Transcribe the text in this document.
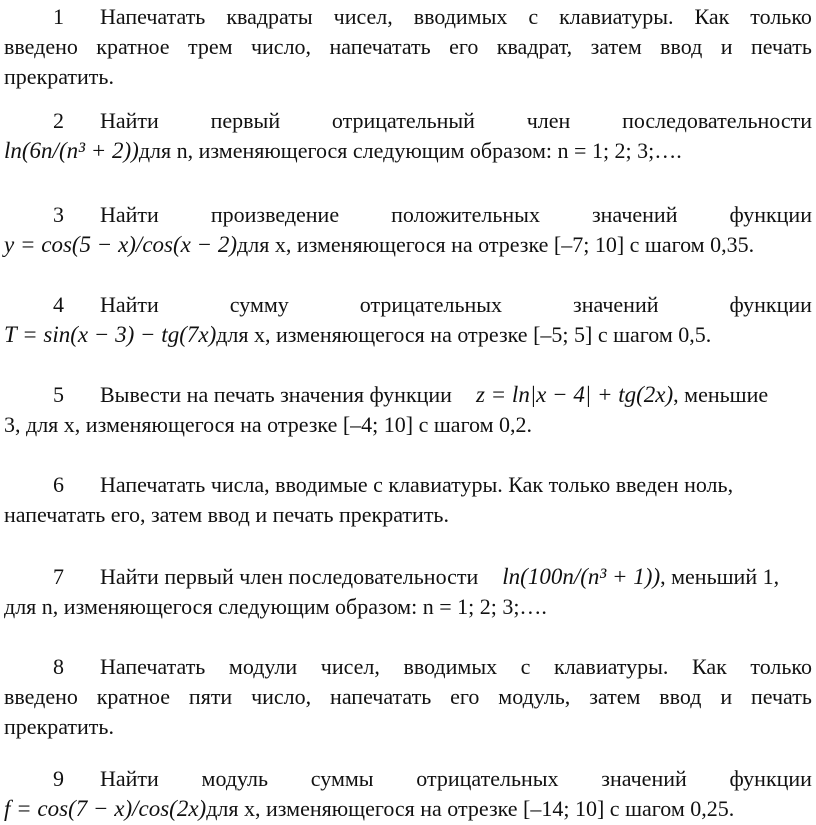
1 Напечатать квадраты чисел, вводимых с клавиатуры. Как только
введено кратное трем число, напечатать его квадрат, затем ввод и печать
прекратить.
2 Найти первый отрицательный член последовательности
ln(6n/(n³ + 2)) для n, изменяющегося следующим образом: n = 1; 2; 3;….
3 Найти произведение положительных значений функции
y = cos(5 − x)/cos(x − 2) для x, изменяющегося на отрезке [–7; 10] с шагом 0,35.
4 Найти	сумму	отрицательных	значений	функции
T = sin(x − 3) − tg(7x) для x, изменяющегося на отрезке [–5; 5] с шагом 0,5.
5	Вывести на печать значения функции z = ln|x − 4| + tg(2x) , меньшие
3, для x, изменяющегося на отрезке [–4; 10] с шагом 0,2.
6	Напечатать числа, вводимые с клавиатуры. Как только введен ноль,
напечатать его, затем ввод и печать прекратить.
7	Найти первый член последовательности ln(100n/(n³ + 1)) , меньший 1,
для n, изменяющегося следующим образом: n = 1; 2; 3;….
8 Напечатать модули чисел, вводимых с клавиатуры. Как только
введено кратное пяти число, напечатать его модуль, затем ввод и печать
прекратить.
9 Найти модуль суммы отрицательных значений функции
f = cos(7 − x)/cos(2x) для x, изменяющегося на отрезке [–14; 10] с шагом 0,25.
